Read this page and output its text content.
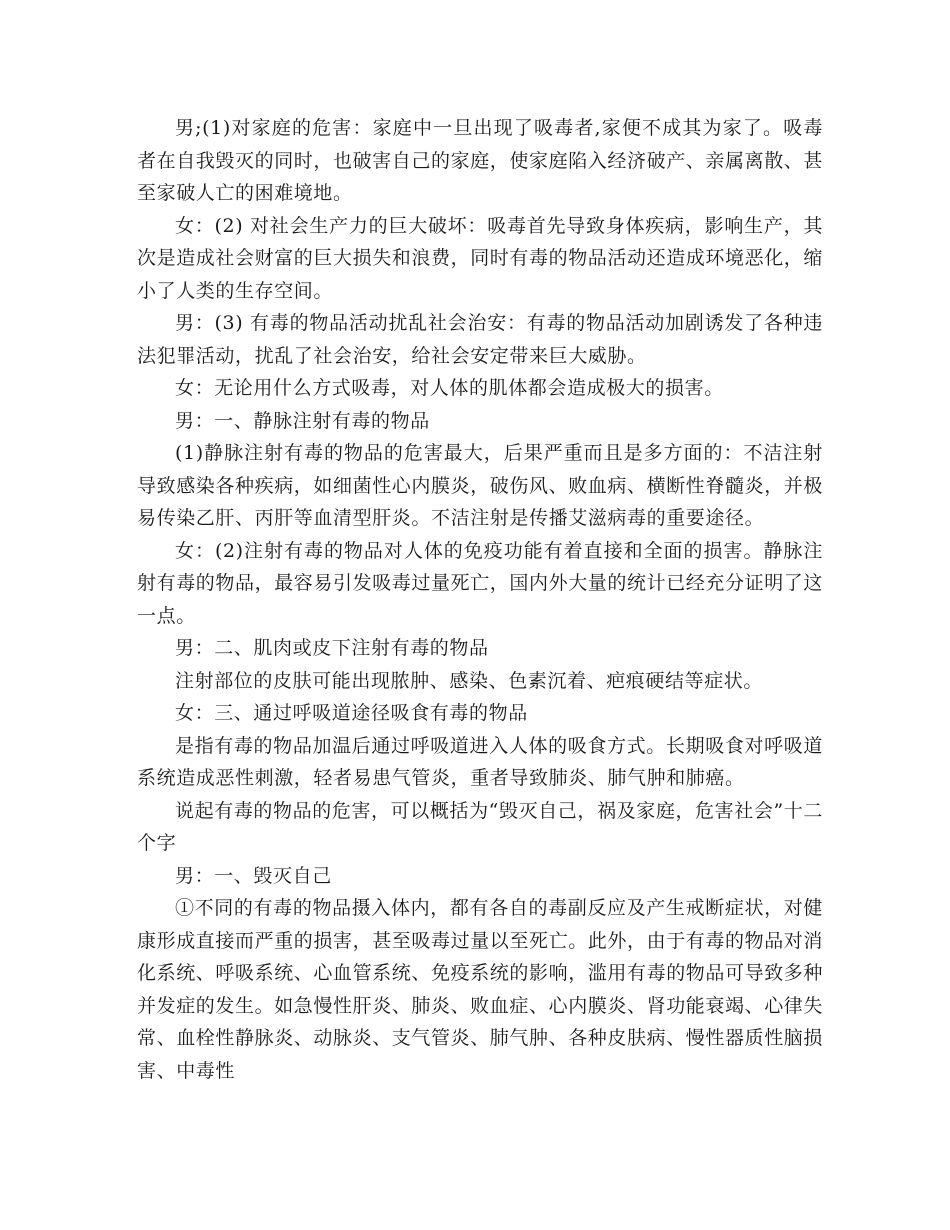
男;(1)对家庭的危害：家庭中一旦出现了吸毒者,家便不成其为家了。吸毒者在自我毁灭的同时，也破害自己的家庭，使家庭陷入经济破产、亲属离散、甚至家破人亡的困难境地。

女：(2) 对社会生产力的巨大破坏：吸毒首先导致身体疾病，影响生产，其次是造成社会财富的巨大损失和浪费，同时有毒的物品活动还造成环境恶化，缩小了人类的生存空间。

男：(3) 有毒的物品活动扰乱社会治安：有毒的物品活动加剧诱发了各种违法犯罪活动，扰乱了社会治安，给社会安定带来巨大威胁。

女：无论用什么方式吸毒，对人体的肌体都会造成极大的损害。

男：一、静脉注射有毒的物品

(1)静脉注射有毒的物品的危害最大，后果严重而且是多方面的：不洁注射导致感染各种疾病，如细菌性心内膜炎，破伤风、败血病、横断性脊髓炎，并极易传染乙肝、丙肝等血清型肝炎。不洁注射是传播艾滋病毒的重要途径。

女：(2)注射有毒的物品对人体的免疫功能有着直接和全面的损害。静脉注射有毒的物品，最容易引发吸毒过量死亡，国内外大量的统计已经充分证明了这一点。

男：二、肌肉或皮下注射有毒的物品

注射部位的皮肤可能出现脓肿、感染、色素沉着、疤痕硬结等症状。

女：三、通过呼吸道途径吸食有毒的物品

是指有毒的物品加温后通过呼吸道进入人体的吸食方式。长期吸食对呼吸道系统造成恶性刺激，轻者易患气管炎，重者导致肺炎、肺气肿和肺癌。

说起有毒的物品的危害，可以概括为“毁灭自己，祸及家庭，危害社会”十二个字

男：一、毁灭自己

①不同的有毒的物品摄入体内，都有各自的毒副反应及产生戒断症状，对健康形成直接而严重的损害，甚至吸毒过量以至死亡。此外，由于有毒的物品对消化系统、呼吸系统、心血管系统、免疫系统的影响，滥用有毒的物品可导致多种并发症的发生。如急慢性肝炎、肺炎、败血症、心内膜炎、肾功能衰竭、心律失常、血栓性静脉炎、动脉炎、支气管炎、肺气肿、各种皮肤病、慢性器质性脑损害、中毒性
